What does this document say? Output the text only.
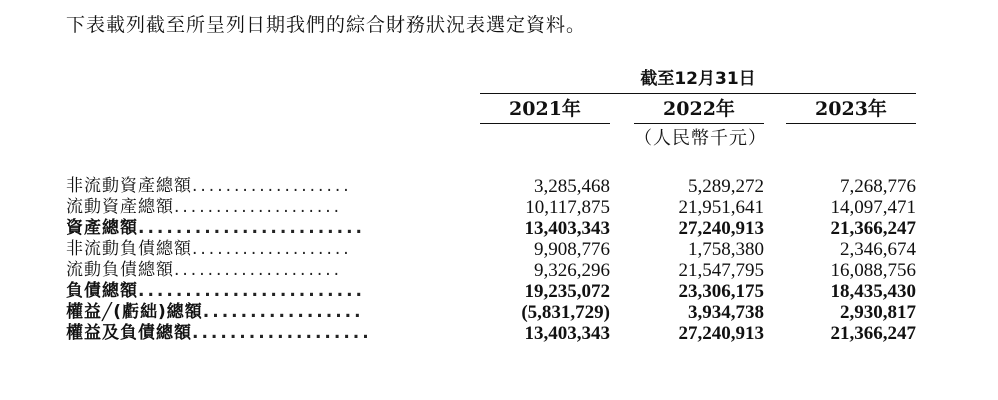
下表載列截至所呈列日期我們的綜合財務狀況表選定資料。
截至12月31日
2021年	2022年	2023年
（人民幣千元）
非流動資產總額...................	3,285,468	5,289,272	7,268,776
流動資產總額....................	10,117,875	21,951,641	14,097,471
資產總額........................	13,403,343	27,240,913	21,366,247
非流動負債總額...................	9,908,776	1,758,380	2,346,674
流動負債總額....................	9,326,296	21,547,795	16,088,756
負債總額........................	19,235,072	23,306,175	18,435,430
權益╱(虧絀)總額.................	(5,831,729)	3,934,738	2,930,817
權益及負債總額...................	13,403,343	27,240,913	21,366,247
